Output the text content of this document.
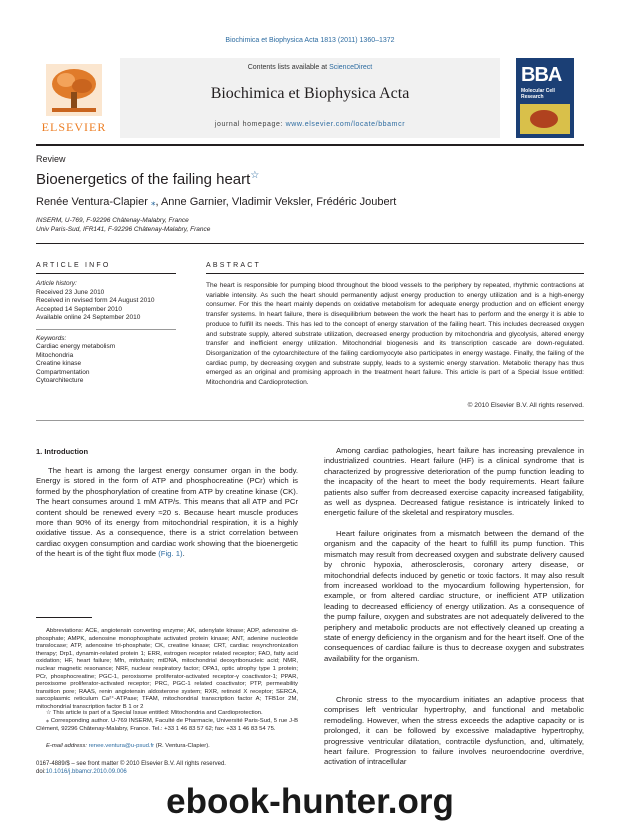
Biochimica et Biophysica Acta 1813 (2011) 1360–1372
ELSEVIER
Contents lists available at ScienceDirect
Biochimica et Biophysica Acta
journal homepage: www.elsevier.com/locate/bbamcr
BBA
Molecular Cell Research
Review
Bioenergetics of the failing heart☆
Renée Ventura-Clapier ⁎, Anne Garnier, Vladimir Veksler, Frédéric Joubert
INSERM, U-769, F-92296 Châtenay-Malabry, France
Univ Paris-Sud, IFR141, F-92296 Châtenay-Malabry, France
ARTICLE INFO
Article history:
Received 23 June 2010
Received in revised form 24 August 2010
Accepted 14 September 2010
Available online 24 September 2010
Keywords:
Cardiac energy metabolism
Mitochondria
Creatine kinase
Compartmentation
Cytoarchitecture
ABSTRACT
The heart is responsible for pumping blood throughout the blood vessels to the periphery by repeated, rhythmic contractions at variable intensity. As such the heart should permanently adjust energy production to energy utilization and is a high-energy consumer. For this the heart mainly depends on oxidative metabolism for adequate energy production and on efficient energy transfer systems. In heart failure, there is disequilibrium between the work the heart has to perform and the energy it is able to produce to fulfill its needs. This has led to the concept of energy starvation of the failing heart. This includes decreased oxygen and substrate supply, altered substrate utilization, decreased energy production by mitochondria and glycolysis, altered energy transfer and inefficient energy utilization. Mitochondrial biogenesis and its transcription cascade are down-regulated. Disorganization of the cytoarchitecture of the failing cardiomyocyte also participates in energy wastage. Finally, the failing of the cardiac pump, by decreasing oxygen and substrate supply, leads to a systemic energy starvation. Metabolic therapy has thus emerged as an original and promising approach in the treatment heart failure. This article is part of a Special Issue entitled: Mitochondria and Cardioprotection.
© 2010 Elsevier B.V. All rights reserved.
1. Introduction
The heart is among the largest energy consumer organ in the body. Energy is stored in the form of ATP and phosphocreatine (PCr) which is formed by the phosphorylation of creatine from ATP by creatine kinase (CK). The heart consumes around 1 mM ATP/s. This means that all ATP and PCr content should be renewed every ≈20 s. Because heart muscle produces more than 90% of its energy from mitochondrial respiration, it is a highly oxidative tissue. As a consequence, there is a strict correlation between cardiac oxygen consumption and cardiac work showing that the bioenergetic of the heart is of the tight flux mode (Fig. 1).
Abbreviations: ACE, angiotensin converting enzyme; AK, adenylate kinase; ADP, adenosine di-phosphate; AMPK, adenosine monophosphate activated protein kinase; ANT, adenine nucleotide translocase; ATP, adenosine tri-phosphate; CK, creatine kinase; CRT, cardiac resynchronization therapy; Drp1, dynamin-related protein 1; ERR, estrogen receptor related receptor; FAO, fatty acid oxidation; HF, heart failure; Mfn, mitofusin; mtDNA, mitochondrial deoxyribonucleic acid; NMR, nuclear magnetic resonance; NRF, nuclear respiratory factor; OPA1, optic atrophy type 1 protein; PCr, phosphocreatine; PGC-1, peroxisome proliferator-activated receptor-γ coactivator-1; PPAR, peroxisome proliferator-activated receptor; PRC, PGC-1 related coactivator; PTP, permeability transition pore; RAAS, renin angiotensin aldosterone system; RXR, retinoid X receptor; SERCA, sarcoplasmic reticulum Ca²⁺-ATPase; TFAM, mitochondrial transcription factor A; TFB1or 2M, mitochondrial transcription factor B 1 or 2
☆ This article is part of a Special Issue entitled: Mitochondria and Cardioprotection.
⁎ Corresponding author. U-769 INSERM, Faculté de Pharmacie, Université Paris-Sud, 5 rue J-B Clément, 92296 Châtenay-Malabry, France. Tel.: +33 1 46 83 57 62; fax: +33 1 46 83 54 75.
E-mail address: renee.ventura@u-psud.fr (R. Ventura-Clapier).
0167-4889/$ – see front matter © 2010 Elsevier B.V. All rights reserved.
doi:10.1016/j.bbamcr.2010.09.006
Among cardiac pathologies, heart failure has increasing prevalence in industrialized countries. Heart failure (HF) is a clinical syndrome that is characterized by progressive deterioration of the pump function leading to the incapacity of the heart to meet the body requirements. Heart failure patients also suffer from decreased exercise capacity increased fatigability, as well as dyspnea. Decreased fatigue resistance is intricately linked to energetic failure of the skeletal and respiratory muscles.
Heart failure originates from a mismatch between the demand of the organism and the capacity of the heart to fulfill its pump function. This mismatch may result from decreased oxygen and substrate delivery caused by chronic hypoxia, atherosclerosis, coronary artery disease, or mitochondrial defects induced by genetic or toxic factors. It may also result from increased workload to the myocardium following hypertension, for example, or from altered cardiac structure, or inefficient ATP utilization leading to decreased efficiency of energy utilization. As a consequence of the pump failure, oxygen and substrates are not adequately delivered to the periphery and metabolic products are not effectively cleaned up creating a state of energy deficiency in the organism and for the heart itself. One of the consequences of cardiac failure is thus to decrease oxygen and substrates availability for the organism.
Chronic stress to the myocardium initiates an adaptive process that comprises left ventricular hypertrophy, and functional and metabolic remodeling. However, when the stress exceeds the adaptive capacity or is prolonged, it can be followed by excessive maladaptive hypertrophy, progressive ventricular dilatation, contractile dysfunction, and, ultimately, heart failure. Progression to failure involves neuroendocrine overdrive, activation of intracellular
ebook-hunter.org
